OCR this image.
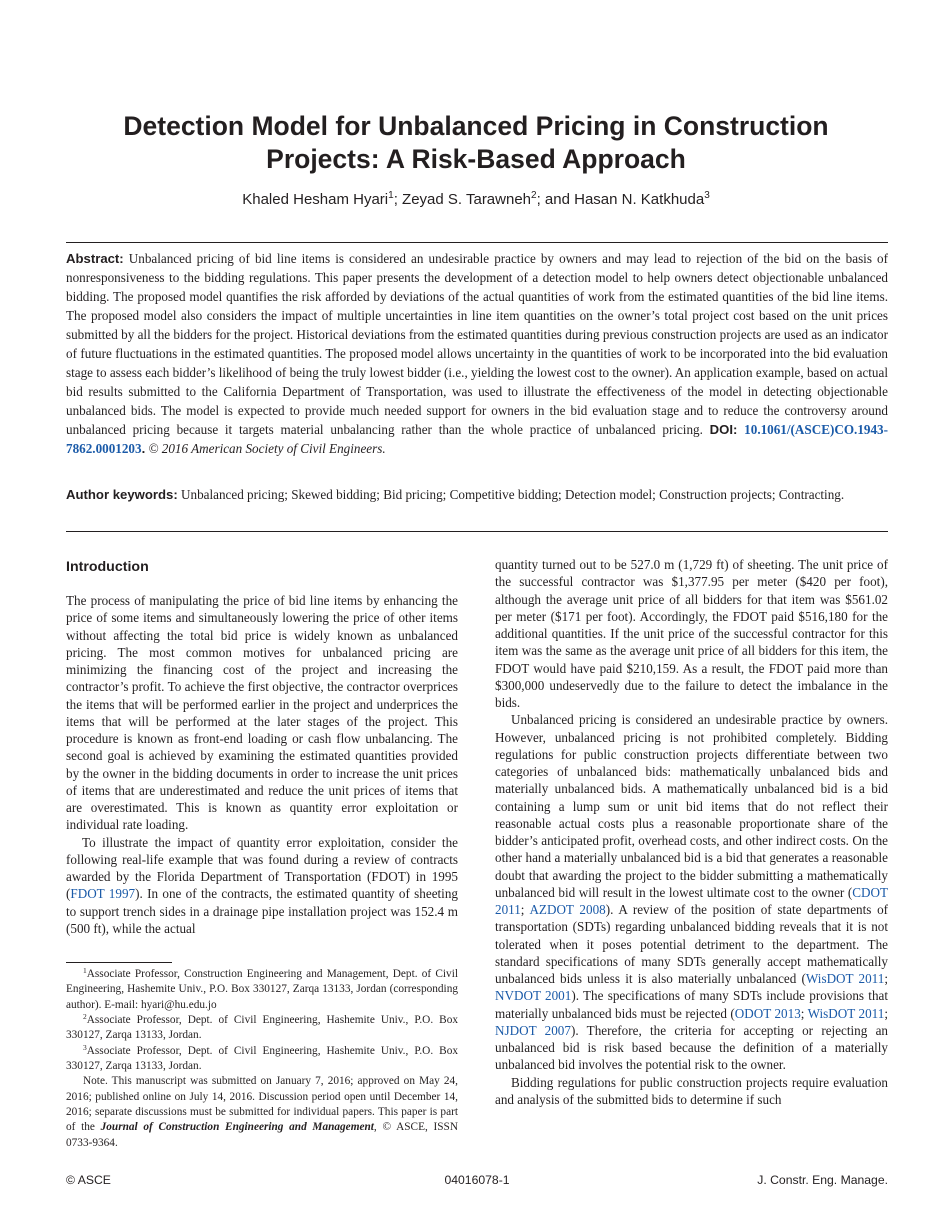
Detection Model for Unbalanced Pricing in Construction Projects: A Risk-Based Approach
Khaled Hesham Hyari$^1$; Zeyad S. Tarawneh$^2$; and Hasan N. Katkhuda$^3$
Abstract: Unbalanced pricing of bid line items is considered an undesirable practice by owners and may lead to rejection of the bid on the basis of nonresponsiveness to the bidding regulations. This paper presents the development of a detection model to help owners detect objectionable unbalanced bidding. The proposed model quantifies the risk afforded by deviations of the actual quantities of work from the estimated quantities of the bid line items. The proposed model also considers the impact of multiple uncertainties in line item quantities on the owner’s total project cost based on the unit prices submitted by all the bidders for the project. Historical deviations from the estimated quantities during previous construction projects are used as an indicator of future fluctuations in the estimated quantities. The proposed model allows uncertainty in the quantities of work to be incorporated into the bid evaluation stage to assess each bidder’s likelihood of being the truly lowest bidder (i.e., yielding the lowest cost to the owner). An application example, based on actual bid results submitted to the California Department of Transportation, was used to illustrate the effectiveness of the model in detecting objectionable unbalanced bids. The model is expected to provide much needed support for owners in the bid evaluation stage and to reduce the controversy around unbalanced pricing because it targets material unbalancing rather than the whole practice of unbalanced pricing. DOI: 10.1061/(ASCE)CO.1943-7862.0001203. © 2016 American Society of Civil Engineers.
Author keywords: Unbalanced pricing; Skewed bidding; Bid pricing; Competitive bidding; Detection model; Construction projects; Contracting.
Introduction

The process of manipulating the price of bid line items by enhancing the price of some items and simultaneously lowering the price of other items without affecting the total bid price is widely known as unbalanced pricing. The most common motives for unbalanced pricing are minimizing the financing cost of the project and increasing the contractor’s profit. To achieve the first objective, the contractor overprices the items that will be performed earlier in the project and underprices the items that will be performed at the later stages of the project. This procedure is known as front-end loading or cash flow unbalancing. The second goal is achieved by examining the estimated quantities provided by the owner in the bidding documents in order to increase the unit prices of items that are underestimated and reduce the unit prices of items that are overestimated. This is known as quantity error exploitation or individual rate loading.

To illustrate the impact of quantity error exploitation, consider the following real-life example that was found during a review of contracts awarded by the Florida Department of Transportation (FDOT) in 1995 (FDOT 1997). In one of the contracts, the estimated quantity of sheeting to support trench sides in a drainage pipe installation project was 152.4 m (500 ft), while the actual

$^1$Associate Professor, Construction Engineering and Management, Dept. of Civil Engineering, Hashemite Univ., P.O. Box 330127, Zarqa 13133, Jordan (corresponding author). E-mail: hyari@hu.edu.jo

$^2$Associate Professor, Dept. of Civil Engineering, Hashemite Univ., P.O. Box 330127, Zarqa 13133, Jordan.

$^3$Associate Professor, Dept. of Civil Engineering, Hashemite Univ., P.O. Box 330127, Zarqa 13133, Jordan.

Note. This manuscript was submitted on January 7, 2016; approved on May 24, 2016; published online on July 14, 2016. Discussion period open until December 14, 2016; separate discussions must be submitted for individual papers. This paper is part of the Journal of Construction Engineering and Management, © ASCE, ISSN 0733-9364.

quantity turned out to be 527.0 m (1,729 ft) of sheeting. The unit price of the successful contractor was $1,377.95 per meter ($420 per foot), although the average unit price of all bidders for that item was $561.02 per meter ($171 per foot). Accordingly, the FDOT paid $516,180 for the additional quantities. If the unit price of the successful contractor for this item was the same as the average unit price of all bidders for this item, the FDOT would have paid $210,159. As a result, the FDOT paid more than $300,000 undeservedly due to the failure to detect the imbalance in the bids.

Unbalanced pricing is considered an undesirable practice by owners. However, unbalanced pricing is not prohibited completely. Bidding regulations for public construction projects differentiate between two categories of unbalanced bids: mathematically unbalanced bids and materially unbalanced bids. A mathematically unbalanced bid is a bid containing a lump sum or unit bid items that do not reflect their reasonable actual costs plus a reasonable proportionate share of the bidder’s anticipated profit, overhead costs, and other indirect costs. On the other hand a materially unbalanced bid is a bid that generates a reasonable doubt that awarding the project to the bidder submitting a mathematically unbalanced bid will result in the lowest ultimate cost to the owner (CDOT 2011; AZDOT 2008). A review of the position of state departments of transportation (SDTs) regarding unbalanced bidding reveals that it is not tolerated when it poses potential detriment to the department. The standard specifications of many SDTs generally accept mathematically unbalanced bids unless it is also materially unbalanced (WisDOT 2011; NVDOT 2001). The specifications of many SDTs include provisions that materially unbalanced bids must be rejected (ODOT 2013; WisDOT 2011; NJDOT 2007). Therefore, the criteria for accepting or rejecting an unbalanced bid is risk based because the definition of a materially unbalanced bid involves the potential risk to the owner.

Bidding regulations for public construction projects require evaluation and analysis of the submitted bids to determine if such

© ASCE	04016078-1	J. Constr. Eng. Manage.
